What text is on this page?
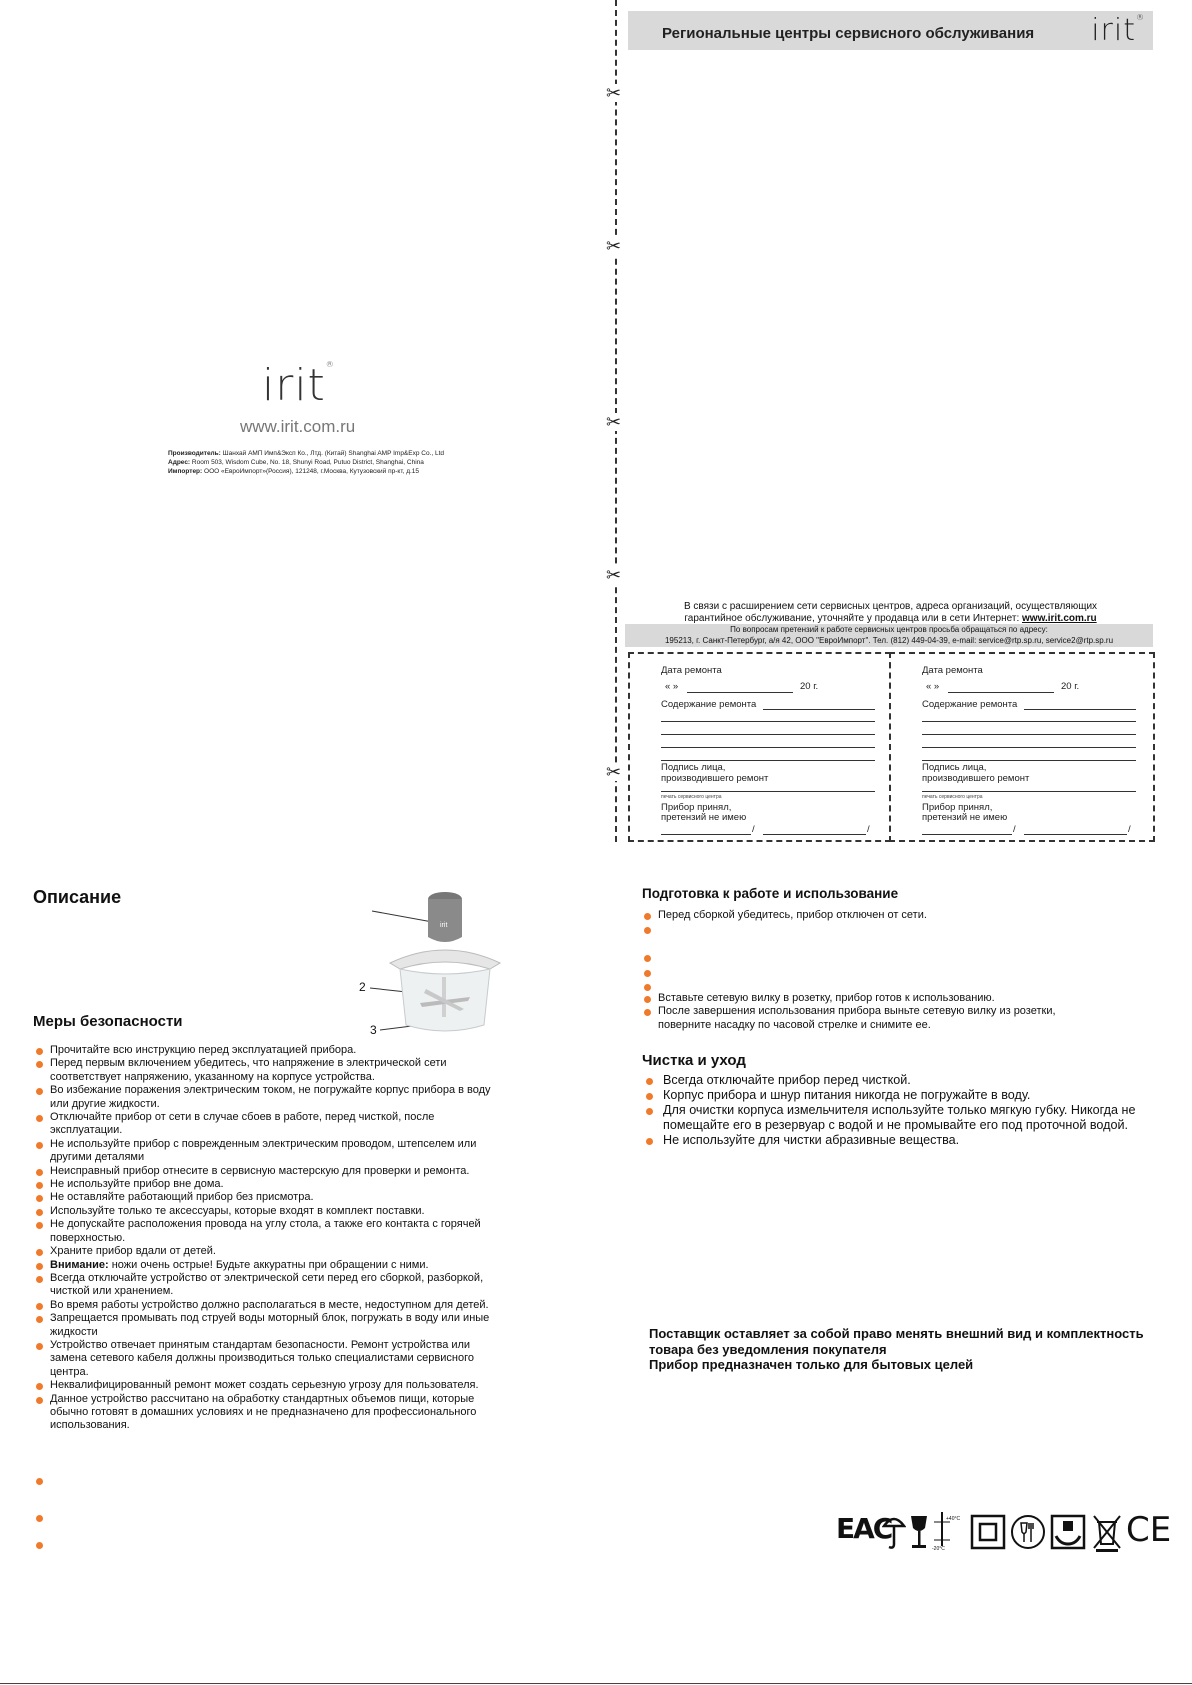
irit®
www.irit.com.ru
Производитель: Шанхай АМП Имп&Эксп Ко., Лтд. (Китай) Shanghai AMP Imp&Exp Co., Ltd
Адрес: Room 503, Wisdom Cube, No. 18, Shunyi Road, Putuo District, Shanghai, China
Импортер: ООО «ЕвроИмпорт»(Россия), 121248, г.Москва, Кутузовский пр-кт, д.15
✂
✂
✂
✂
✂
Региональные центры сервисного обслуживания irit®
В связи с расширением сети сервисных центров, адреса организаций, осуществляющих
гарантийное обслуживание, уточняйте у продавца или в сети Интернет: www.irit.com.ru
По вопросам претензий к работе сервисных центров просьба обращаться по адресу:
195213, г. Санкт-Петербург, а/я 42, ООО "ЕвроИмпорт". Тел. (812) 449-04-39, e-mail: service@rtp.sp.ru, service2@rtp.sp.ru
Дата ремонта
« »	20 г.
Содержание ремонта
Подпись лица,
производившего ремонт
печать сервисного центра
Прибор принял,
претензий не имею
/	/
Дата ремонта
« »	20 г.
Содержание ремонта
Подпись лица,
производившего ремонт
печать сервисного центра
Прибор принял,
претензий не имею
/	/
Описание
irit
2
3
Меры безопасности
Прочитайте всю инструкцию перед эксплуатацией прибора.
Перед первым включением убедитесь, что напряжение в электрической сети соответствует напряжению, указанному на корпусе устройства.
Во избежание поражения электрическим током, не погружайте корпус прибора в воду или другие жидкости.
Отключайте прибор от сети в случае сбоев в работе, перед чисткой, после эксплуатации.
Не используйте прибор с поврежденным электрическим проводом, штепселем или другими деталями
Неисправный прибор отнесите в сервисную мастерскую для проверки и ремонта.
Не используйте прибор вне дома.
Не оставляйте работающий прибор без присмотра.
Используйте только те аксессуары, которые входят в комплект поставки.
Не допускайте расположения провода на углу стола, а также его контакта с горячей поверхностью.
Храните прибор вдали от детей.
Внимание: ножи очень острые! Будьте аккуратны при обращении с ними.
Всегда отключайте устройство от электрической сети перед его сборкой, разборкой, чисткой или хранением.
Во время работы устройство должно располагаться в месте, недоступном для детей.
Запрещается промывать под струей воды моторный блок, погружать в воду или иные жидкости
Устройство отвечает принятым стандартам безопасности. Ремонт устройства или замена сетевого кабеля должны производиться только специалистами сервисного центра.
Неквалифицированный ремонт может создать серьезную угрозу для пользователя.
Данное устройство рассчитано на обработку стандартных объемов пищи, которые обычно готовят в домашних условиях и не предназначено для профессионального использования.
Подготовка к работе и использование
Перед сборкой убедитесь, прибор отключен от сети.
Вставьте сетевую вилку в розетку, прибор готов к использованию.
После завершения использования прибора выньте сетевую вилку из розетки,
поверните насадку по часовой стрелке и снимите ее.
Чистка и уход
Всегда отключайте прибор перед чисткой.
Корпус прибора и шнур питания никогда не погружайте в воду.
Для очистки корпуса измельчителя используйте только мягкую губку. Никогда не помещайте его в резервуар с водой и не промывайте его под проточной водой.
Не используйте для чистки абразивные вещества.
Поставщик оставляет за собой право менять внешний вид и комплектность
товара без уведомления покупателя
Прибор предназначен только для бытовых целей
EAC	+40°C
-20°C	CE
